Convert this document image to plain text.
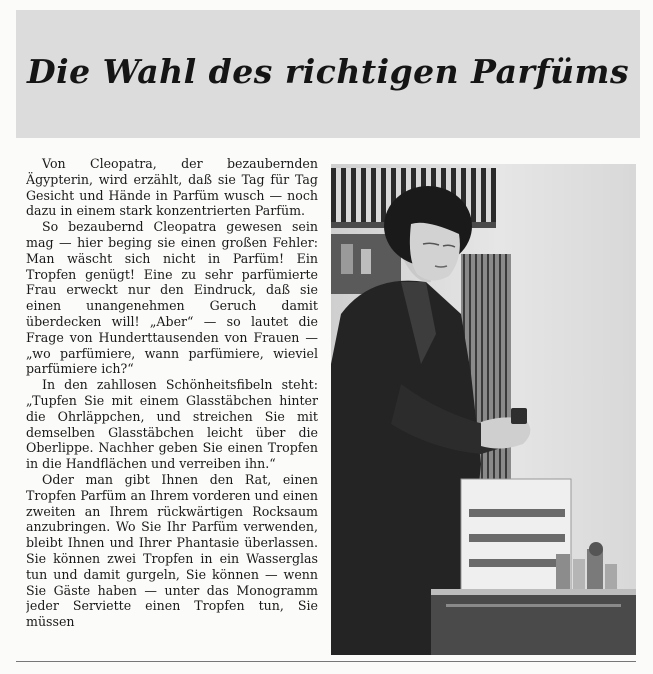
Die Wahl des richtigen Parfüms

Von Cleopatra, der bezaubernden Ägypterin, wird erzählt, daß sie Tag für Tag Gesicht und Hände in Parfüm wusch — noch dazu in einem stark konzentrierten Parfüm.

So bezaubernd Cleopatra gewesen sein mag — hier beging sie einen großen Fehler: Man wäscht sich nicht in Parfüm! Ein Tropfen genügt! Eine zu sehr parfümierte Frau erweckt nur den Eindruck, daß sie einen unangenehmen Geruch damit überdecken will! „Aber“ — so lautet die Frage von Hunderttausenden von Frauen — „wo parfümiere, wann parfümiere, wieviel parfümiere ich?“

In den zahllosen Schönheitsfibeln steht: „Tupfen Sie mit einem Glasstäbchen hinter die Ohrläppchen, und streichen Sie mit demselben Glasstäbchen leicht über die Oberlippe. Nachher geben Sie einen Tropfen in die Handflächen und verreiben ihn.“

Oder man gibt Ihnen den Rat, einen Tropfen Parfüm an Ihrem vorderen und einen zweiten an Ihrem rückwärtigen Rocksaum anzubringen. Wo Sie Ihr Parfüm verwenden, bleibt Ihnen und Ihrer Phantasie überlassen. Sie können zwei Tropfen in ein Wasserglas tun und damit gurgeln, Sie können — wenn Sie Gäste haben — unter das Monogramm jeder Serviette einen Tropfen tun, Sie müssen
